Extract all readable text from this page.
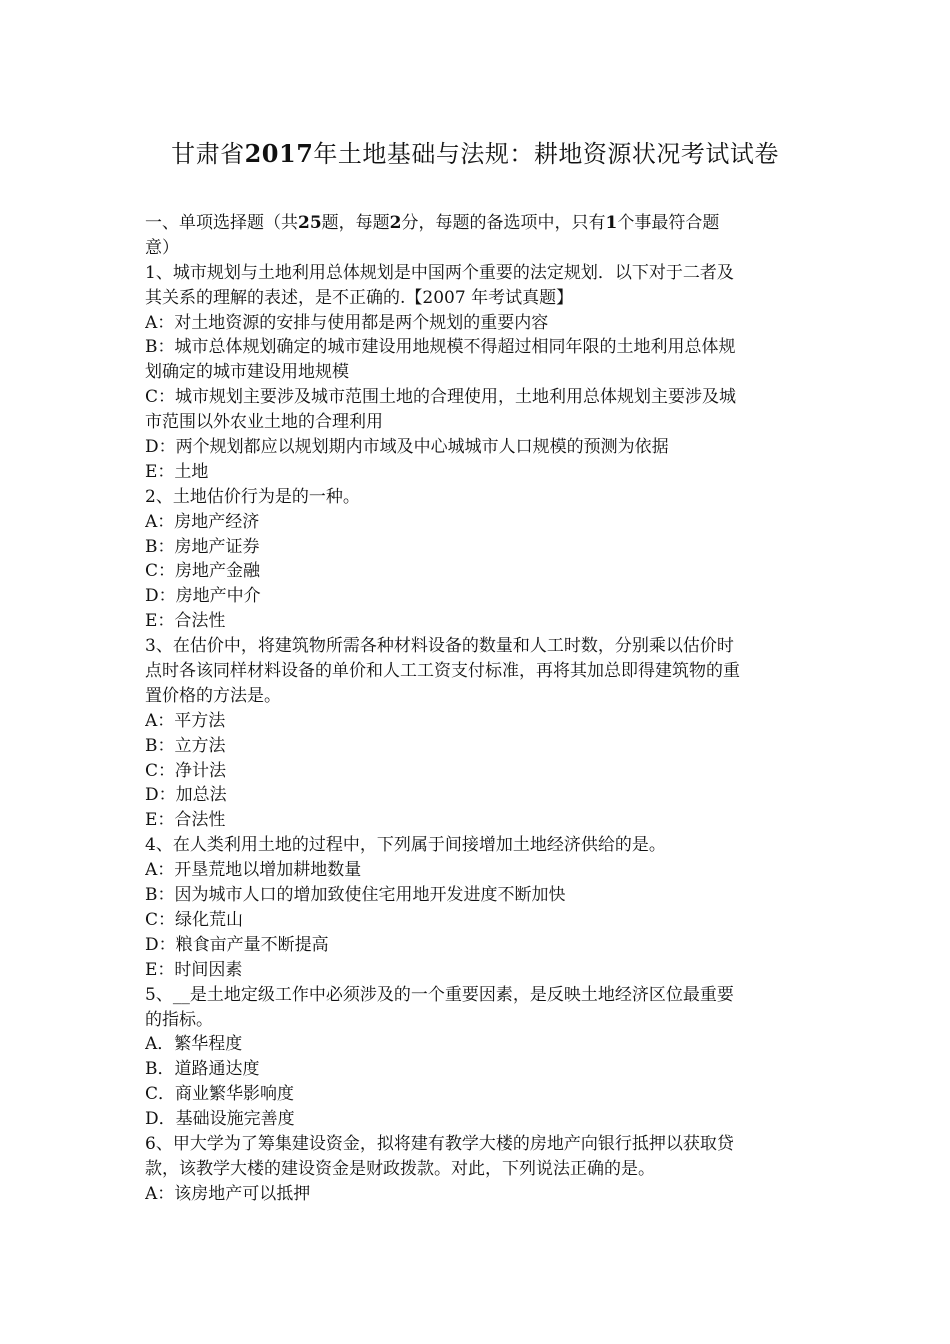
甘肃省2017年土地基础与法规：耕地资源状况考试试卷
一、单项选择题（共25题，每题2分，每题的备选项中，只有1个事最符合题
意）
1、城市规划与土地利用总体规划是中国两个重要的法定规划．以下对于二者及
其关系的理解的表述，是不正确的.【2007 年考试真题】
A：对土地资源的安排与使用都是两个规划的重要内容
B：城市总体规划确定的城市建设用地规模不得超过相同年限的土地利用总体规
划确定的城市建设用地规模
C：城市规划主要涉及城市范围土地的合理使用，土地利用总体规划主要涉及城
市范围以外农业土地的合理利用
D：两个规划都应以规划期内市域及中心城城市人口规模的预测为依据
E：土地
2、土地估价行为是的一种。
A：房地产经济
B：房地产证券
C：房地产金融
D：房地产中介
E：合法性
3、在估价中，将建筑物所需各种材料设备的数量和人工时数，分别乘以估价时
点时各该同样材料设备的单价和人工工资支付标准，再将其加总即得建筑物的重
置价格的方法是。
A：平方法
B：立方法
C：净计法
D：加总法
E：合法性
4、在人类利用土地的过程中，下列属于间接增加土地经济供给的是。
A：开垦荒地以增加耕地数量
B：因为城市人口的增加致使住宅用地开发进度不断加快
C：绿化荒山
D：粮食亩产量不断提高
E：时间因素
5、__是土地定级工作中必须涉及的一个重要因素，是反映土地经济区位最重要
的指标。
A．繁华程度
B．道路通达度
C．商业繁华影响度
D．基础设施完善度
6、甲大学为了筹集建设资金，拟将建有教学大楼的房地产向银行抵押以获取贷
款，该教学大楼的建设资金是财政拨款。对此，下列说法正确的是。
A：该房地产可以抵押
